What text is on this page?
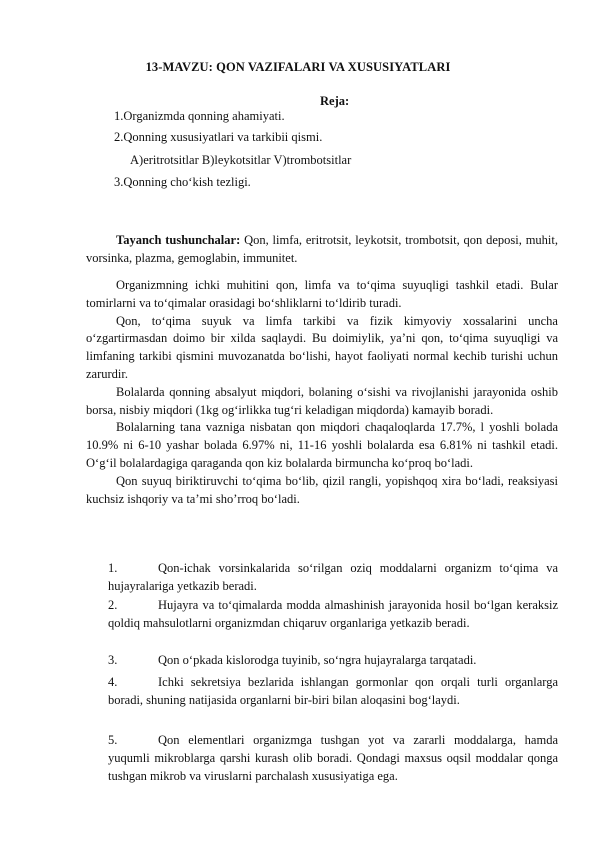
13-MAVZU: QON VAZIFALARI VA XUSUSIYATLARI
Reja:
1.Organizmda qonning ahamiyati.
2.Qonning xususiyatlari va tarkibii qismi.
A)eritrotsitlar B)leykotsitlar V)trombotsitlar
3.Qonning cho‘kish tezligi.

Tayanch tushunchalar: Qon, limfa, eritrotsit, leykotsit, trombotsit, qon deposi, muhit, vorsinka, plazma, gemoglabin, immunitet.

Organizmning ichki muhitini qon, limfa va to‘qima suyuqligi tashkil etadi. Bular tomirlarni va to‘qimalar orasidagi bo‘shliklarni to‘ldirib turadi.

Qon, to‘qima suyuk va limfa tarkibi va fizik kimyoviy xossalarini uncha o‘zgartirmasdan doimo bir xilda saqlaydi. Bu doimiylik, ya’ni qon, to‘qima suyuqligi va limfaning tarkibi qismini muvozanatda bo‘lishi, hayot faoliyati normal kechib turishi uchun zarurdir.

Bolalarda qonning absalyut miqdori, bolaning o‘sishi va rivojlanishi jarayonida oshib borsa, nisbiy miqdori (1kg og‘irlikka tug‘ri keladigan miqdorda) kamayib boradi.

Bolalarning tana vazniga nisbatan qon miqdori chaqaloqlarda 17.7%, l yoshli bolada 10.9% ni 6-10 yashar bolada 6.97% ni, 11-16 yoshli bolalarda esa 6.81% ni tashkil etadi. O‘g‘il bolalardagiga qaraganda qon kiz bolalarda birmuncha ko‘proq bo‘ladi.

Qon suyuq biriktiruvchi to‘qima bo‘lib, qizil rangli, yopishqoq xira bo‘ladi, reaksiyasi kuchsiz ishqoriy va ta’mi sho’rroq bo‘ladi.

1.	Qon-ichak vorsinkalarida so‘rilgan oziq moddalarni organizm to‘qima va hujayralariga yetkazib beradi.
2.	Hujayra va to‘qimalarda modda almashinish jarayonida hosil bo‘lgan keraksiz qoldiq mahsulotlarni organizmdan chiqaruv organlariga yetkazib beradi.
3.	Qon o‘pkada kislorodga tuyinib, so‘ngra hujayralarga tarqatadi.
4.	Ichki sekretsiya bezlarida ishlangan gormonlar qon orqali turli organlarga boradi, shuning natijasida organlarni bir-biri bilan aloqasini bog‘laydi.
5.	Qon elementlari organizmga tushgan yot va zararli moddalarga, hamda yuqumli mikroblarga qarshi kurash olib boradi. Qondagi maxsus oqsil moddalar qonga tushgan mikrob va viruslarni parchalash xususiyatiga ega.
